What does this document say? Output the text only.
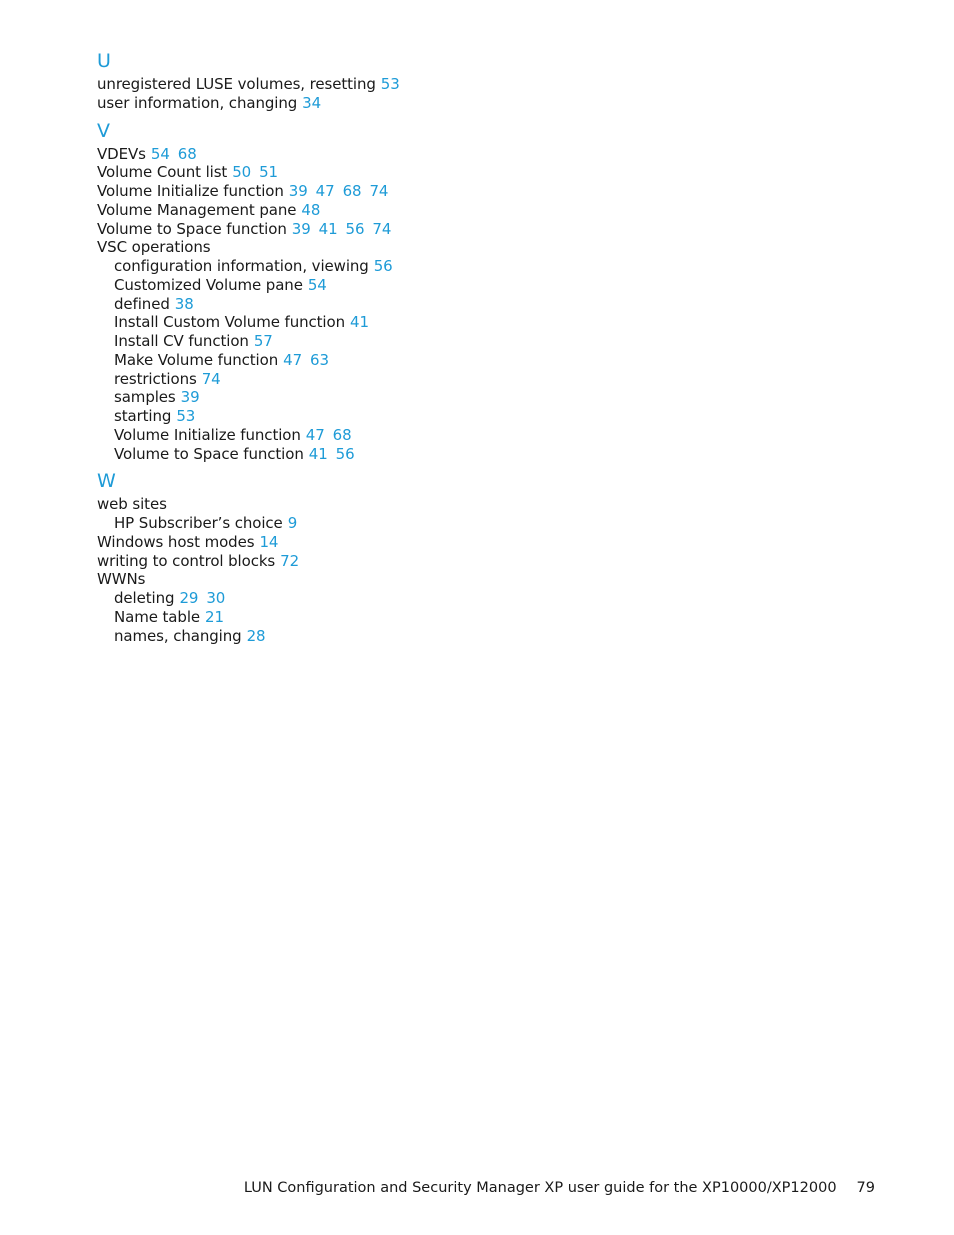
U
unregistered LUSE volumes, resetting 53
user information, changing 34
V
VDEVs 54 68
Volume Count list 50 51
Volume Initialize function 39 47 68 74
Volume Management pane 48
Volume to Space function 39 41 56 74
VSC operations
configuration information, viewing 56
Customized Volume pane 54
defined 38
Install Custom Volume function 41
Install CV function 57
Make Volume function 47 63
restrictions 74
samples 39
starting 53
Volume Initialize function 47 68
Volume to Space function 41 56
W
web sites
HP Subscriber’s choice 9
Windows host modes 14
writing to control blocks 72
WWNs
deleting 29 30
Name table 21
names, changing 28
LUN Configuration and Security Manager XP user guide for the XP10000/XP12000 79
